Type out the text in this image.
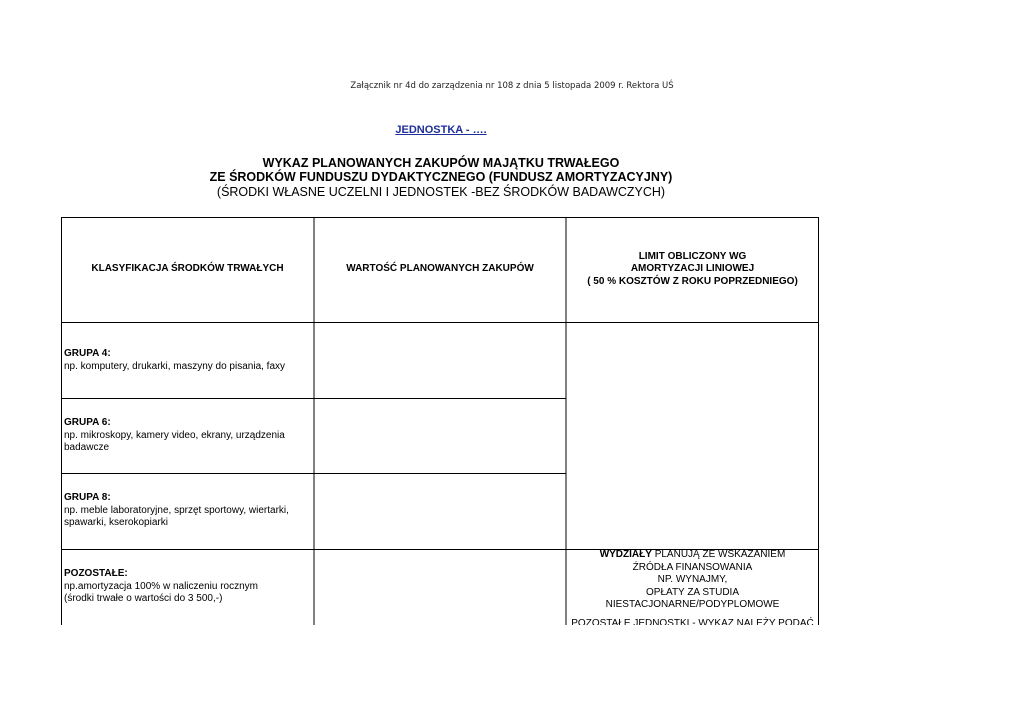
Załącznik nr 4d do zarządzenia nr 108 z dnia 5 listopada 2009 r. Rektora UŚ
JEDNOSTKA - ….
WYKAZ PLANOWANYCH ZAKUPÓW MAJĄTKU TRWAŁEGO
ZE ŚRODKÓW FUNDUSZU DYDAKTYCZNEGO (FUNDUSZ AMORTYZACYJNY)
(ŚRODKI WŁASNE UCZELNI I JEDNOSTEK -BEZ ŚRODKÓW BADAWCZYCH)
KLASYFIKACJA ŚRODKÓW TRWAŁYCH	WARTOŚĆ PLANOWANYCH ZAKUPÓW
LIMIT OBLICZONY WG
AMORTYZACJI LINIOWEJ
( 50 % KOSZTÓW Z ROKU POPRZEDNIEGO)
GRUPA 4:
np. komputery, drukarki, maszyny do pisania, faxy
GRUPA 6:
np. mikroskopy, kamery video, ekrany, urządzenia
badawcze
GRUPA 8:
np. meble laboratoryjne, sprzęt sportowy, wiertarki,
spawarki, kserokopiarki
POZOSTAŁE:
np.amortyzacja 100% w naliczeniu rocznym
(środki trwałe o wartości do 3 500,-)
WYDZIAŁY PLANUJĄ ZE WSKAZANIEM
ŹRÓDŁA FINANSOWANIA
NP. WYNAJMY,
OPŁATY ZA STUDIA
NIESTACJONARNE/PODYPLOMOWE
POZOSTAŁE JEDNOSTKI - WYKAZ NALEŻY PODAĆ
